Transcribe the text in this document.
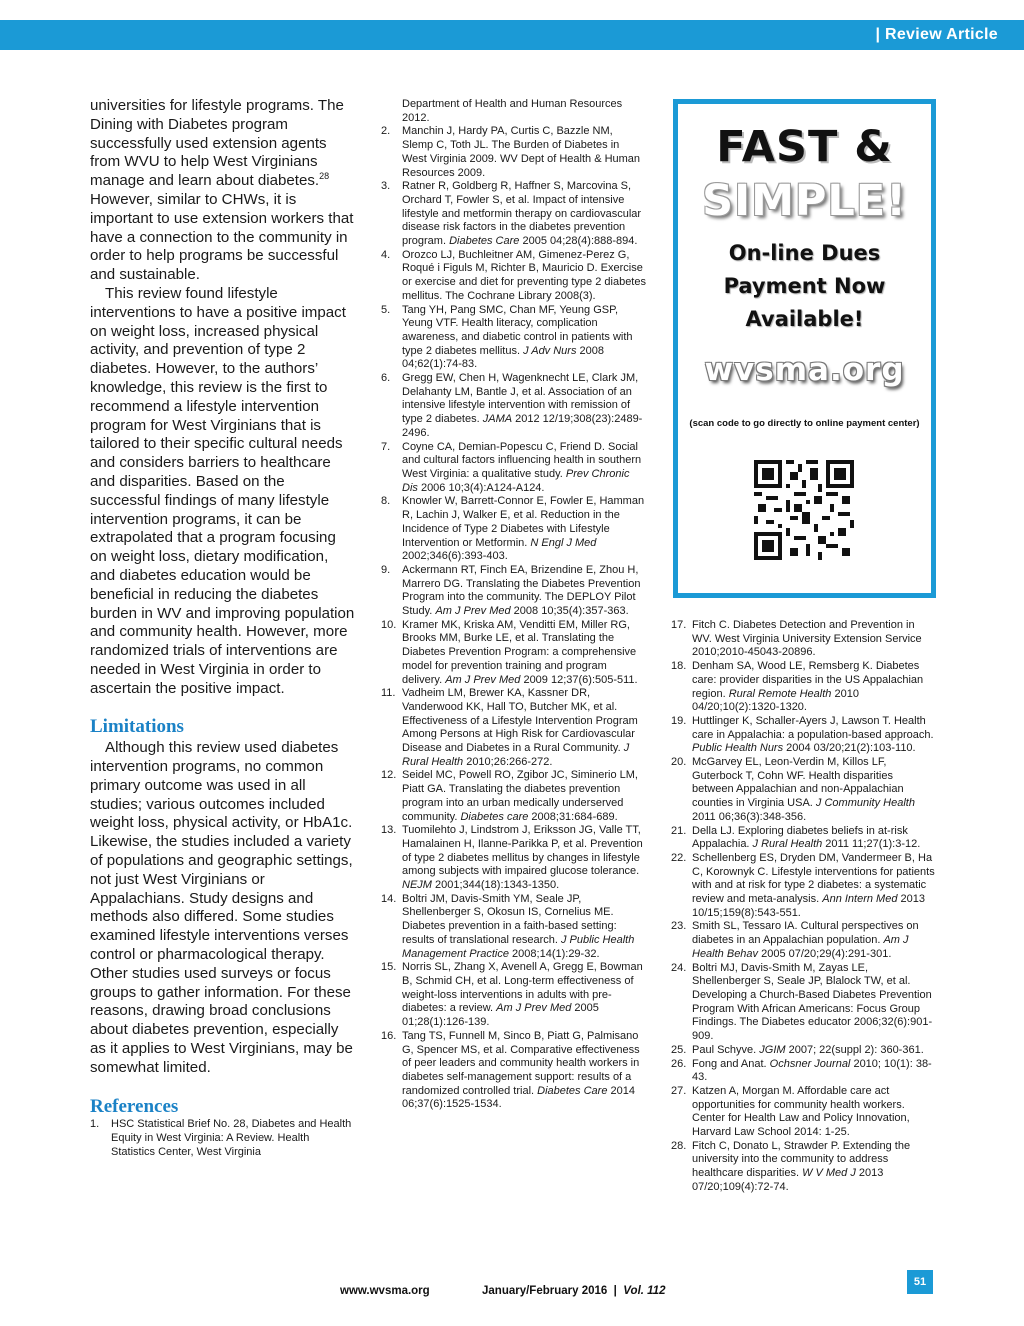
| Review Article

universities for lifestyle programs. The Dining with Diabetes program successfully used extension agents from WVU to help West Virginians manage and learn about diabetes.$^{28}$ However, similar to CHWs, it is important to use extension workers that have a connection to the community in order to help programs be successful and sustainable.

This review found lifestyle interventions to have a positive impact on weight loss, increased physical activity, and prevention of type 2 diabetes. However, to the authors’ knowledge, this review is the first to recommend a lifestyle intervention program for West Virginians that is tailored to their specific cultural needs and considers barriers to healthcare and disparities. Based on the successful findings of many lifestyle intervention programs, it can be extrapolated that a program focusing on weight loss, dietary modification, and diabetes education would be beneficial in reducing the diabetes burden in WV and improving population and community health. However, more randomized trials of interventions are needed in West Virginia in order to ascertain the positive impact.

Limitations

Although this review used diabetes intervention programs, no common primary outcome was used in all studies; various outcomes included weight loss, physical activity, or HbA1c. Likewise, the studies included a variety of populations and geographic settings, not just West Virginians or Appalachians. Study designs and methods also differed. Some studies examined lifestyle interventions verses control or pharmacological therapy. Other studies used surveys or focus groups to gather information. For these reasons, drawing broad conclusions about diabetes prevention, especially as it applies to West Virginians, may be somewhat limited.

References
1. HSC Statistical Brief No. 28, Diabetes and Health Equity in West Virginia: A Review. Health Statistics Center, West Virginia
Department of Health and Human Resources 2012.
2. Manchin J, Hardy PA, Curtis C, Bazzle NM, Slemp C, Toth JL. The Burden of Diabetes in West Virginia 2009. WV Dept of Health & Human Resources 2009.
3. Ratner R, Goldberg R, Haffner S, Marcovina S, Orchard T, Fowler S, et al. Impact of intensive lifestyle and metformin therapy on cardiovascular disease risk factors in the diabetes prevention program. Diabetes Care 2005 04;28(4):888-894.
4. Orozco LJ, Buchleitner AM, Gimenez-Perez G, Roqué i Figuls M, Richter B, Mauricio D. Exercise or exercise and diet for preventing type 2 diabetes mellitus. The Cochrane Library 2008(3).
5. Tang YH, Pang SMC, Chan MF, Yeung GSP, Yeung VTF. Health literacy, complication awareness, and diabetic control in patients with type 2 diabetes mellitus. J Adv Nurs 2008 04;62(1):74-83.
6. Gregg EW, Chen H, Wagenknecht LE, Clark JM, Delahanty LM, Bantle J, et al. Association of an intensive lifestyle intervention with remission of type 2 diabetes. JAMA 2012 12/19;308(23):2489-2496.
7. Coyne CA, Demian-Popescu C, Friend D. Social and cultural factors influencing health in southern West Virginia: a qualitative study. Prev Chronic Dis 2006 10;3(4):A124-A124.
8. Knowler W, Barrett-Connor E, Fowler E, Hamman R, Lachin J, Walker E, et al. Reduction in the Incidence of Type 2 Diabetes with Lifestyle Intervention or Metformin. N Engl J Med 2002;346(6):393-403.
9. Ackermann RT, Finch EA, Brizendine E, Zhou H, Marrero DG. Translating the Diabetes Prevention Program into the community. The DEPLOY Pilot Study. Am J Prev Med 2008 10;35(4):357-363.
10. Kramer MK, Kriska AM, Venditti EM, Miller RG, Brooks MM, Burke LE, et al. Translating the Diabetes Prevention Program: a comprehensive model for prevention training and program delivery. Am J Prev Med 2009 12;37(6):505-511.
11. Vadheim LM, Brewer KA, Kassner DR, Vanderwood KK, Hall TO, Butcher MK, et al. Effectiveness of a Lifestyle Intervention Program Among Persons at High Risk for Cardiovascular Disease and Diabetes in a Rural Community. J Rural Health 2010;26:266-272.
12. Seidel MC, Powell RO, Zgibor JC, Siminerio LM, Piatt GA. Translating the diabetes prevention program into an urban medically underserved community. Diabetes care 2008;31:684-689.
13. Tuomilehto J, Lindstrom J, Eriksson JG, Valle TT, Hamalainen H, Ilanne-Parikka P, et al. Prevention of type 2 diabetes mellitus by changes in lifestyle among subjects with impaired glucose tolerance. NEJM 2001;344(18):1343-1350.
14. Boltri JM, Davis-Smith YM, Seale JP, Shellenberger S, Okosun IS, Cornelius ME. Diabetes prevention in a faith-based setting: results of translational research. J Public Health Management Practice 2008;14(1):29-32.
15. Norris SL, Zhang X, Avenell A, Gregg E, Bowman B, Schmid CH, et al. Long-term effectiveness of weight-loss interventions in adults with pre-diabetes: a review. Am J Prev Med 2005 01;28(1):126-139.
16. Tang TS, Funnell M, Sinco B, Piatt G, Palmisano G, Spencer MS, et al. Comparative effectiveness of peer leaders and community health workers in diabetes self-management support: results of a randomized controlled trial. Diabetes Care 2014 06;37(6):1525-1534.
17. Fitch C. Diabetes Detection and Prevention in WV. West Virginia University Extension Service 2010;2010-45043-20896.
18. Denham SA, Wood LE, Remsberg K. Diabetes care: provider disparities in the US Appalachian region. Rural Remote Health 2010 04/20;10(2):1320-1320.
19. Huttlinger K, Schaller-Ayers J, Lawson T. Health care in Appalachia: a population-based approach. Public Health Nurs 2004 03/20;21(2):103-110.
20. McGarvey EL, Leon-Verdin M, Killos LF, Guterbock T, Cohn WF. Health disparities between Appalachian and non-Appalachian counties in Virginia USA. J Community Health 2011 06;36(3):348-356.
21. Della LJ. Exploring diabetes beliefs in at-risk Appalachia. J Rural Health 2011 11;27(1):3-12.
22. Schellenberg ES, Dryden DM, Vandermeer B, Ha C, Korownyk C. Lifestyle interventions for patients with and at risk for type 2 diabetes: a systematic review and meta-analysis. Ann Intern Med 2013 10/15;159(8):543-551.
23. Smith SL, Tessaro IA. Cultural perspectives on diabetes in an Appalachian population. Am J Health Behav 2005 07/20;29(4):291-301.
24. Boltri MJ, Davis-Smith M, Zayas LE, Shellenberger S, Seale JP, Blalock TW, et al. Developing a Church-Based Diabetes Prevention Program With African Americans: Focus Group Findings. The Diabetes educator 2006;32(6):901-909.
25. Paul Schyve. JGIM 2007; 22(suppl 2): 360-361.
26. Fong and Anat. Ochsner Journal 2010; 10(1): 38-43.
27. Katzen A, Morgan M. Affordable care act opportunities for community health workers. Center for Health Law and Policy Innovation, Harvard Law School 2014: 1-25.
28. Fitch C, Donato L, Strawder P. Extending the university into the community to address healthcare disparities. W V Med J 2013 07/20;109(4):72-74.
FAST &
SIMPLE!
On-line Dues
Payment Now
Available!
wvsma.org
(scan code to go directly to online payment center)
www.wvsma.org	January/February 2016  |  Vol. 112
51
